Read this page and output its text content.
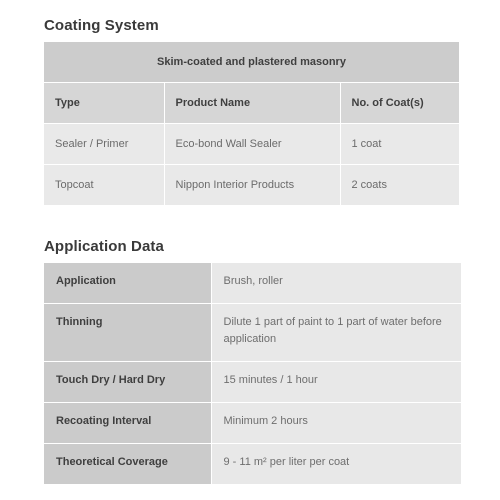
Coating System
Skim-coated and plastered masonry		
Type	Product Name	No. of Coat(s)
Sealer / Primer	Eco-bond Wall Sealer	1 coat
Topcoat	Nippon Interior Products	2 coats
Application Data
Application	Brush, roller
Thinning	Dilute 1 part of paint to 1 part of water before application
Touch Dry / Hard Dry	15 minutes / 1 hour
Recoating Interval	Minimum 2 hours
Theoretical Coverage	9 - 11 m² per liter per coat
